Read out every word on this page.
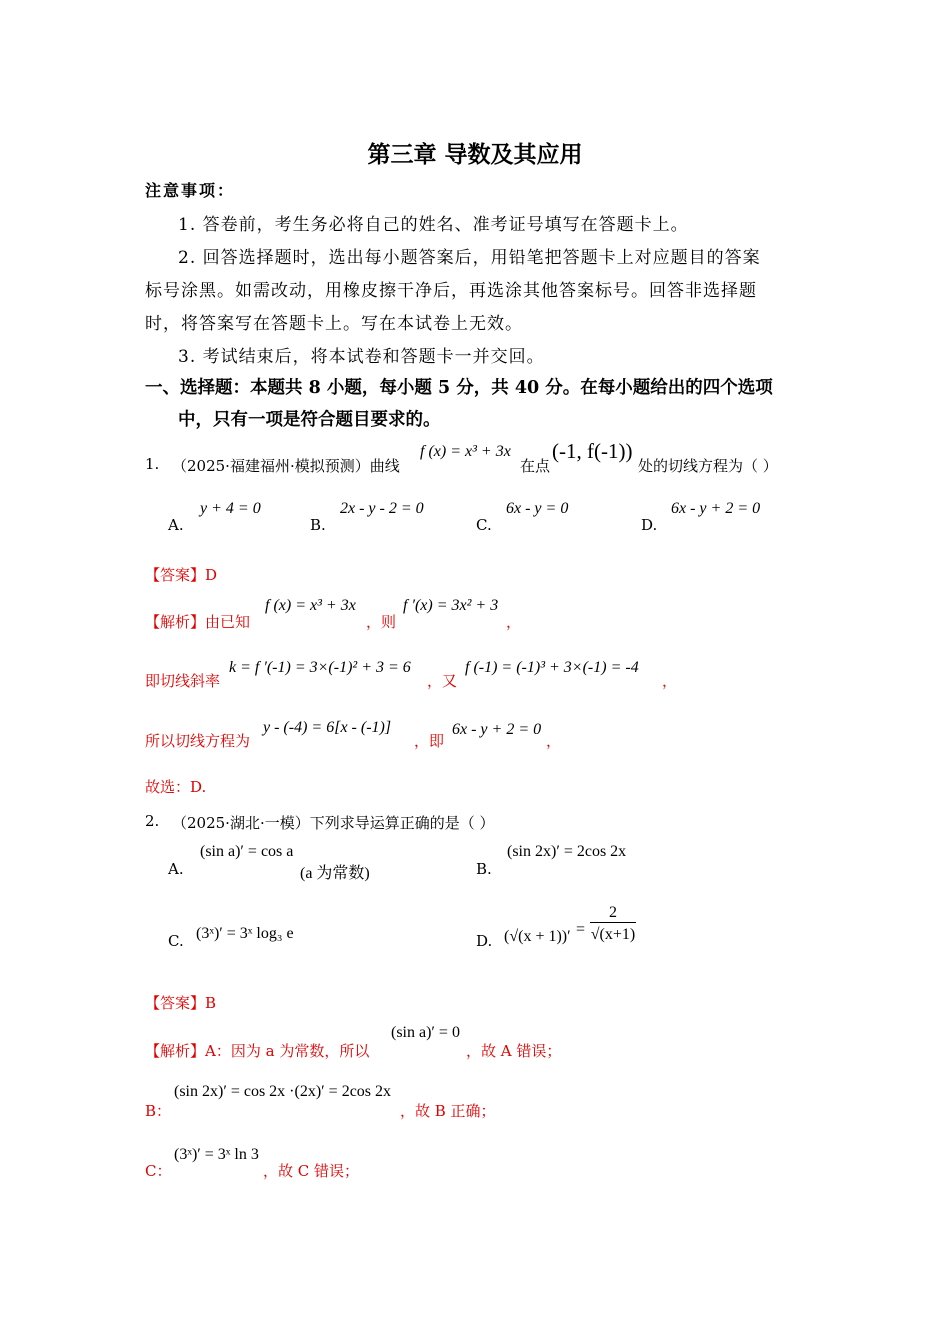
第三章 导数及其应用
注意事项：
1. 答卷前，考生务必将自己的姓名、准考证号填写在答题卡上。
2. 回答选择题时，选出每小题答案后，用铅笔把答题卡上对应题目的答案
标号涂黑。如需改动，用橡皮擦干净后，再选涂其他答案标号。回答非选择题
时，将答案写在答题卡上。写在本试卷上无效。
3. 考试结束后，将本试卷和答题卡一并交回。
一、选择题：本题共 8 小题，每小题 5 分，共 40 分。在每小题给出的四个选项
中，只有一项是符合题目要求的。
1. （2025·福建福州·模拟预测）曲线
f (x) = x³ + 3x
在点
(-1, f(-1))
处的切线方程为（ ）
A.
y + 4 = 0
B.
2x - y - 2 = 0
C.
6x - y = 0
D.
6x - y + 2 = 0
【答案】D
【解析】由已知
f (x) = x³ + 3x
，则
f ′(x) = 3x² + 3
，
即切线斜率
k = f ′(-1) = 3×(-1)² + 3 = 6
，又
f (-1) = (-1)³ + 3×(-1) = -4
，
所以切线方程为
y - (-4) = 6[x - (-1)]
，即
6x - y + 2 = 0
，
故选：D.
2. （2025·湖北·一模）下列求导运算正确的是（ ）
A.
(sin a)′ = cos a
(a 为常数)	B.
(sin 2x)′ = 2cos 2x
C. (3ˣ)′ = 3ˣ log₃ e	D. (√(x + 1))′ =
2
√(x+1)
【答案】B
【解析】A：因为 a 为常数，所以
(sin a)′ = 0
，故 A 错误；
B：
(sin 2x)′ = cos 2x ·(2x)′ = 2cos 2x
，故 B 正确；
C：
(3ˣ)′ = 3ˣ ln 3
，故 C 错误；
